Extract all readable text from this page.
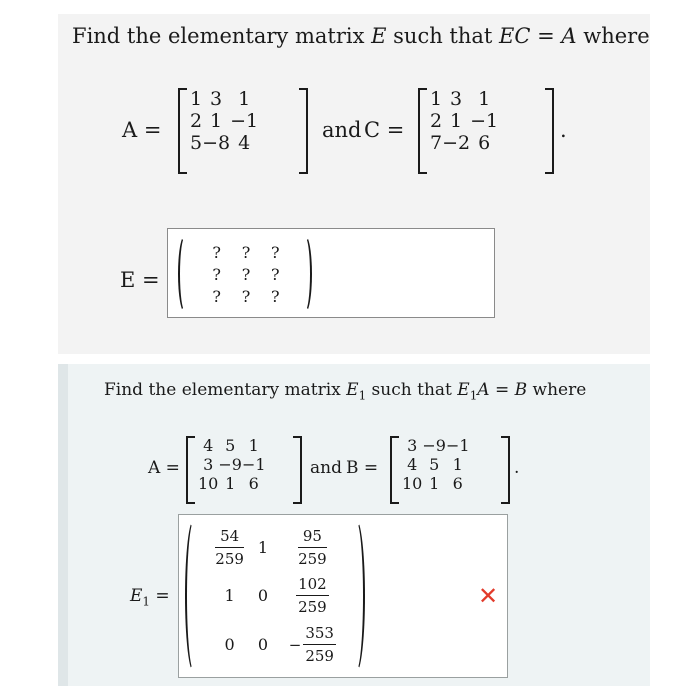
Find the elementary matrix E such that EC = A where
A =
1	3	1
2	1	−1
5	−8	4
and C =
1	3	1
2	1	−1
7	−2	6
.
E =
?	?	?
?	?	?
?	?	?
Find the elementary matrix $E_1$ such that $E_1A = B$ where
A =
4	5	1
3	−9	−1
10	1	6
and B =
3	−9	−1
4	5	1
10	1	6
.
$E_1$ =
$\frac{54}{259}$	1	$\frac{95}{259}$

1	0	$\frac{102}{259}$

0	0	− $\frac{353}{259}$
✕
